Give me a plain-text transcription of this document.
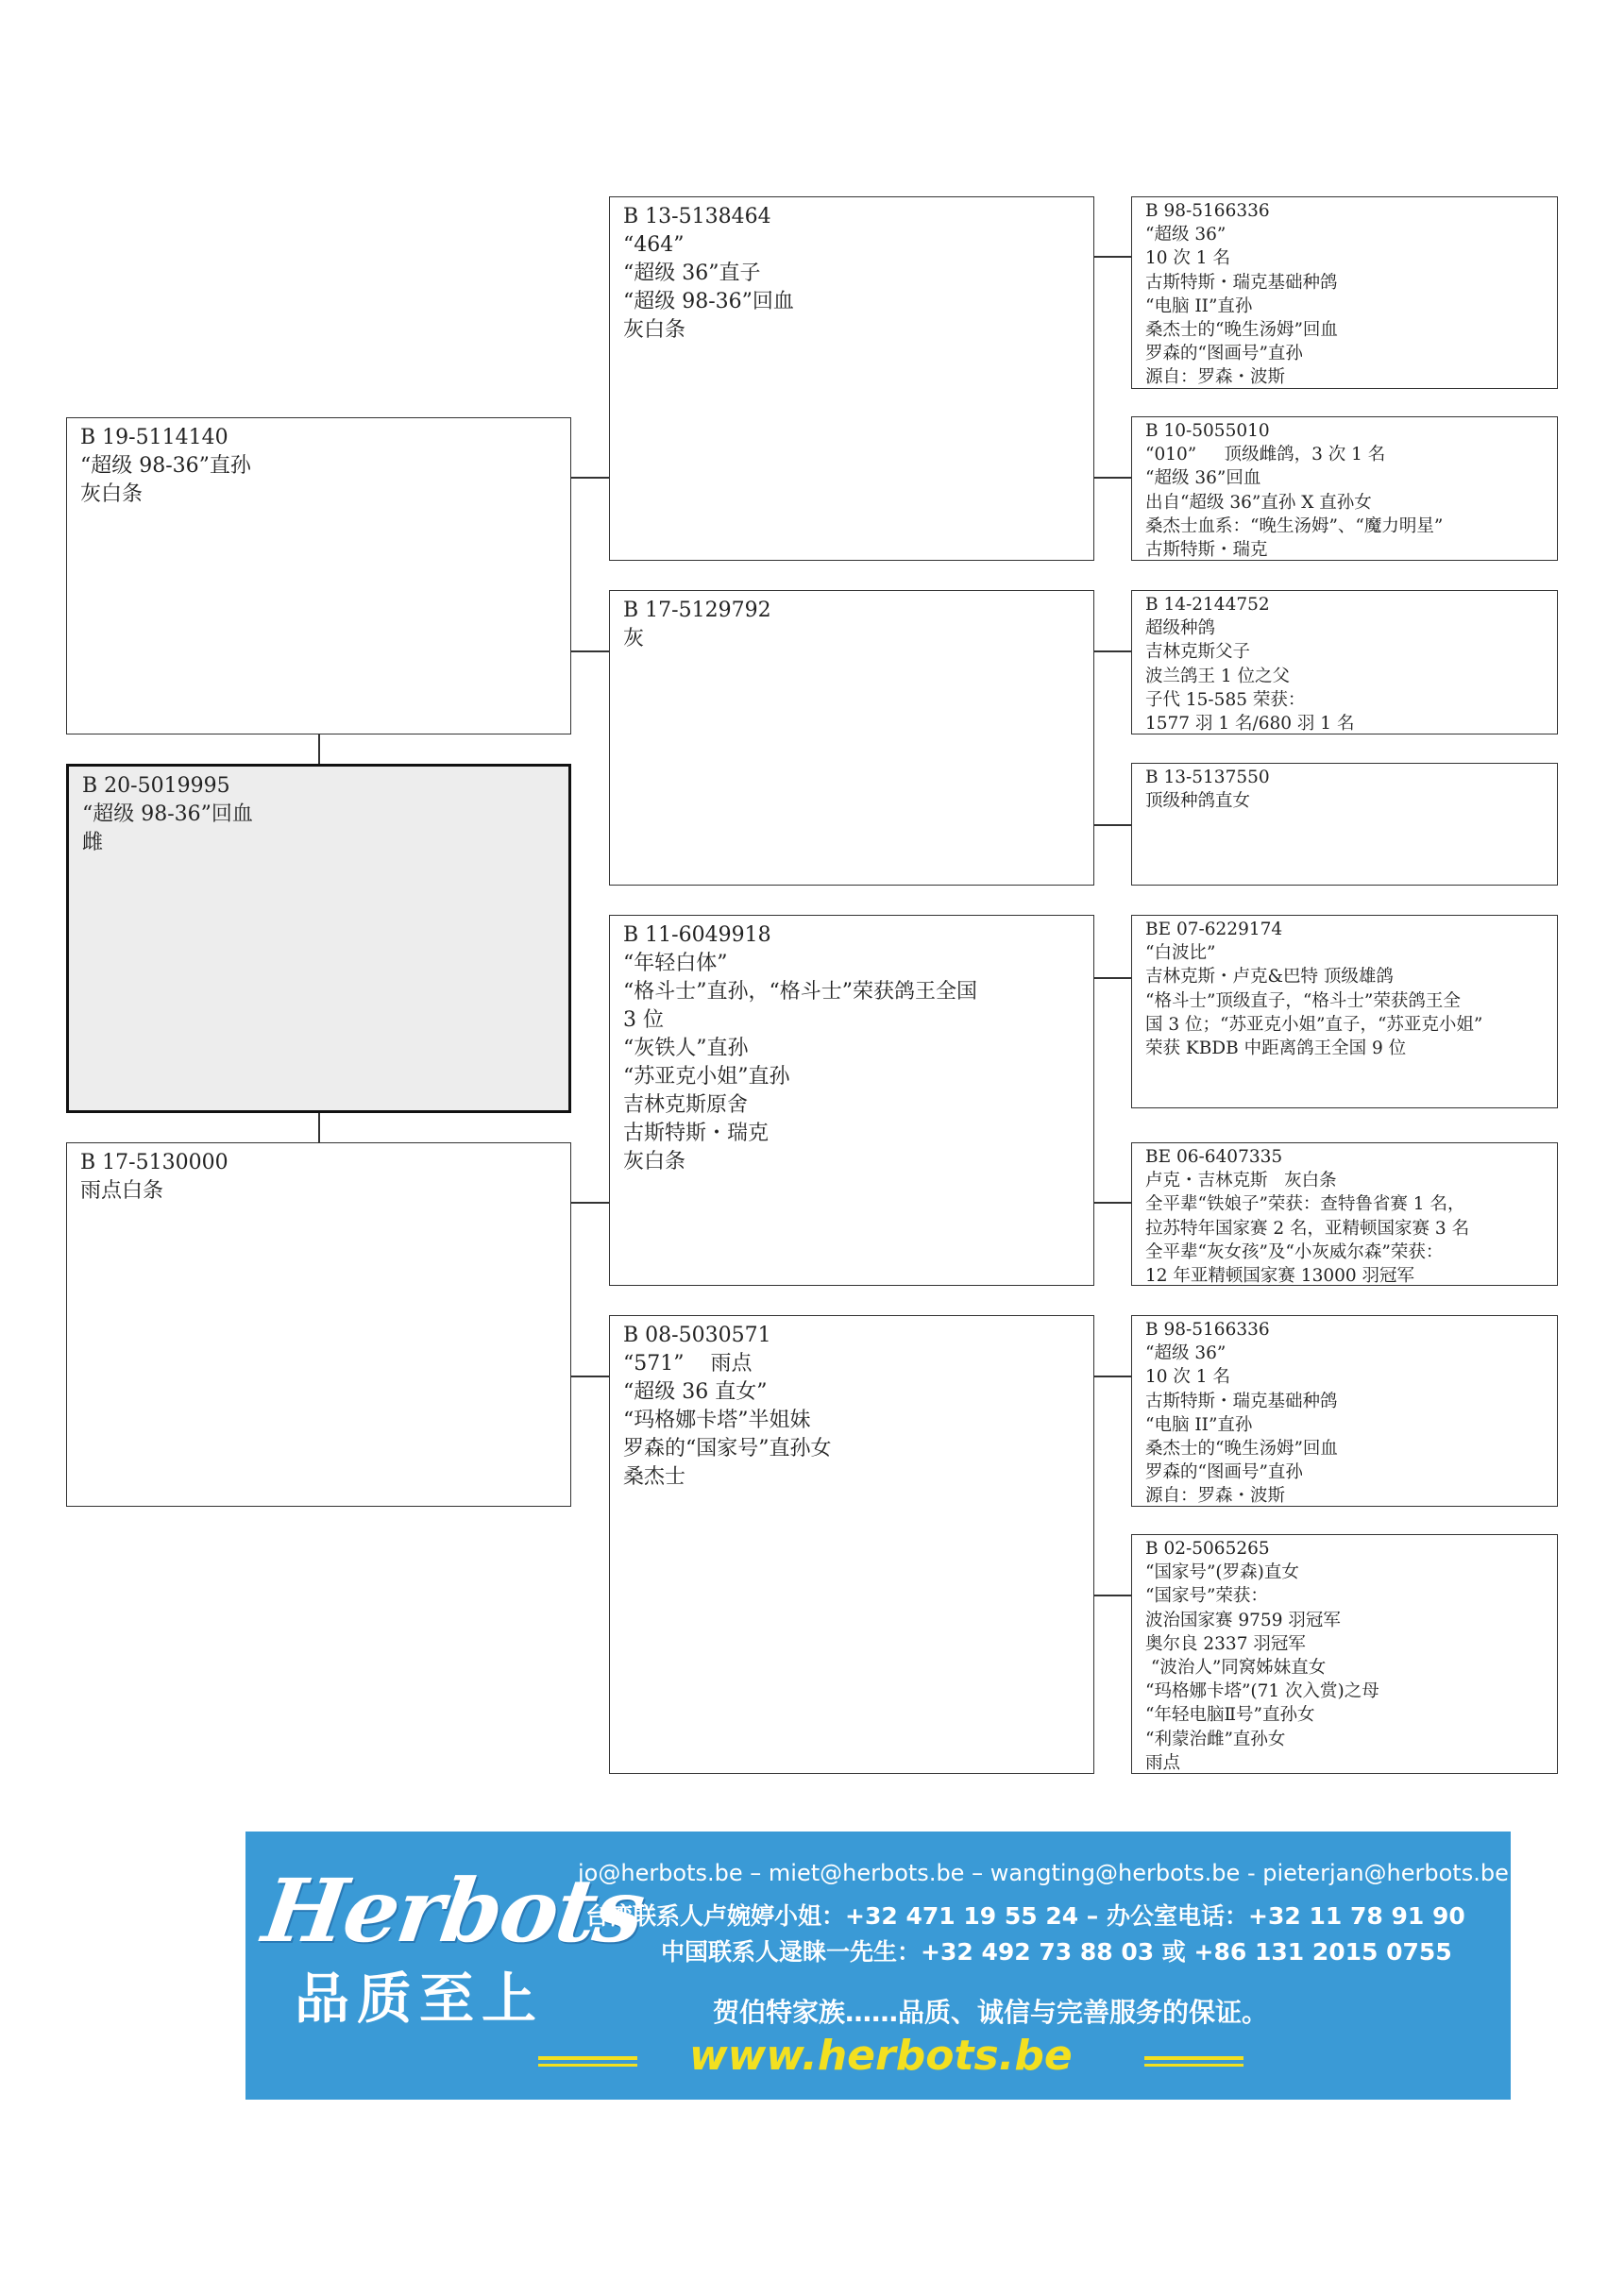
B 19-5114140
“超级 98-36”直孙
灰白条
B 20-5019995
“超级 98-36”回血
雌
B 17-5130000
雨点白条
B 13-5138464
“464”
“超级 36”直子
“超级 98-36”回血
灰白条
B 17-5129792
灰
B 11-6049918
“年轻白体”
“格斗士”直孙，“格斗士”荣获鸽王全国
3 位
“灰铁人”直孙
“苏亚克小姐”直孙
吉林克斯原舍
古斯特斯・瑞克
灰白条
B 08-5030571
“571”    雨点
“超级 36 直女”
“玛格娜卡塔”半姐妹
罗森的“国家号”直孙女
桑杰士
B 98-5166336
“超级 36”
10 次 1 名
古斯特斯・瑞克基础种鸽
“电脑 II”直孙
桑杰士的“晚生汤姆”回血
罗森的“图画号”直孙
源自：罗森・波斯
B 10-5055010
“010”     顶级雌鸽，3 次 1 名
“超级 36”回血
出自“超级 36”直孙 X 直孙女
桑杰士血系：“晚生汤姆”、“魔力明星”
古斯特斯・瑞克
B 14-2144752
超级种鸽
吉林克斯父子
波兰鸽王 1 位之父
子代 15-585 荣获：
1577 羽 1 名/680 羽 1 名
B 13-5137550
顶级种鸽直女
BE 07-6229174
“白波比”
吉林克斯・卢克&巴特 顶级雄鸽
“格斗士”顶级直子，“格斗士”荣获鸽王全
国 3 位；“苏亚克小姐”直子，“苏亚克小姐”
荣获 KBDB 中距离鸽王全国 9 位
BE 06-6407335
卢克・吉林克斯   灰白条
全平辈“铁娘子”荣获：查特鲁省赛 1 名，
拉苏特年国家赛 2 名，亚精顿国家赛 3 名
全平辈“灰女孩”及“小灰威尔森”荣获：
12 年亚精顿国家赛 13000 羽冠军
B 98-5166336
“超级 36”
10 次 1 名
古斯特斯・瑞克基础种鸽
“电脑 II”直孙
桑杰士的“晚生汤姆”回血
罗森的“图画号”直孙
源自：罗森・波斯
B 02-5065265
“国家号”(罗森)直女
“国家号”荣获：
波治国家赛 9759 羽冠军
奥尔良 2337 羽冠军
“波治人”同窝姊妹直女
“玛格娜卡塔”(71 次入赏)之母
“年轻电脑Ⅱ号”直孙女
“利蒙治雌”直孙女
雨点
Herbots
品质至上
jo@herbots.be – miet@herbots.be – wangting@herbots.be - pieterjan@herbots.be
台湾联系人卢婉婷小姐：+32 471 19 55 24 – 办公室电话：+32 11 78 91 90
中国联系人逯睐一先生：+32 492 73 88 03 或 +86 131 2015 0755
贺伯特家族……品质、诚信与完善服务的保证。
www.herbots.be
